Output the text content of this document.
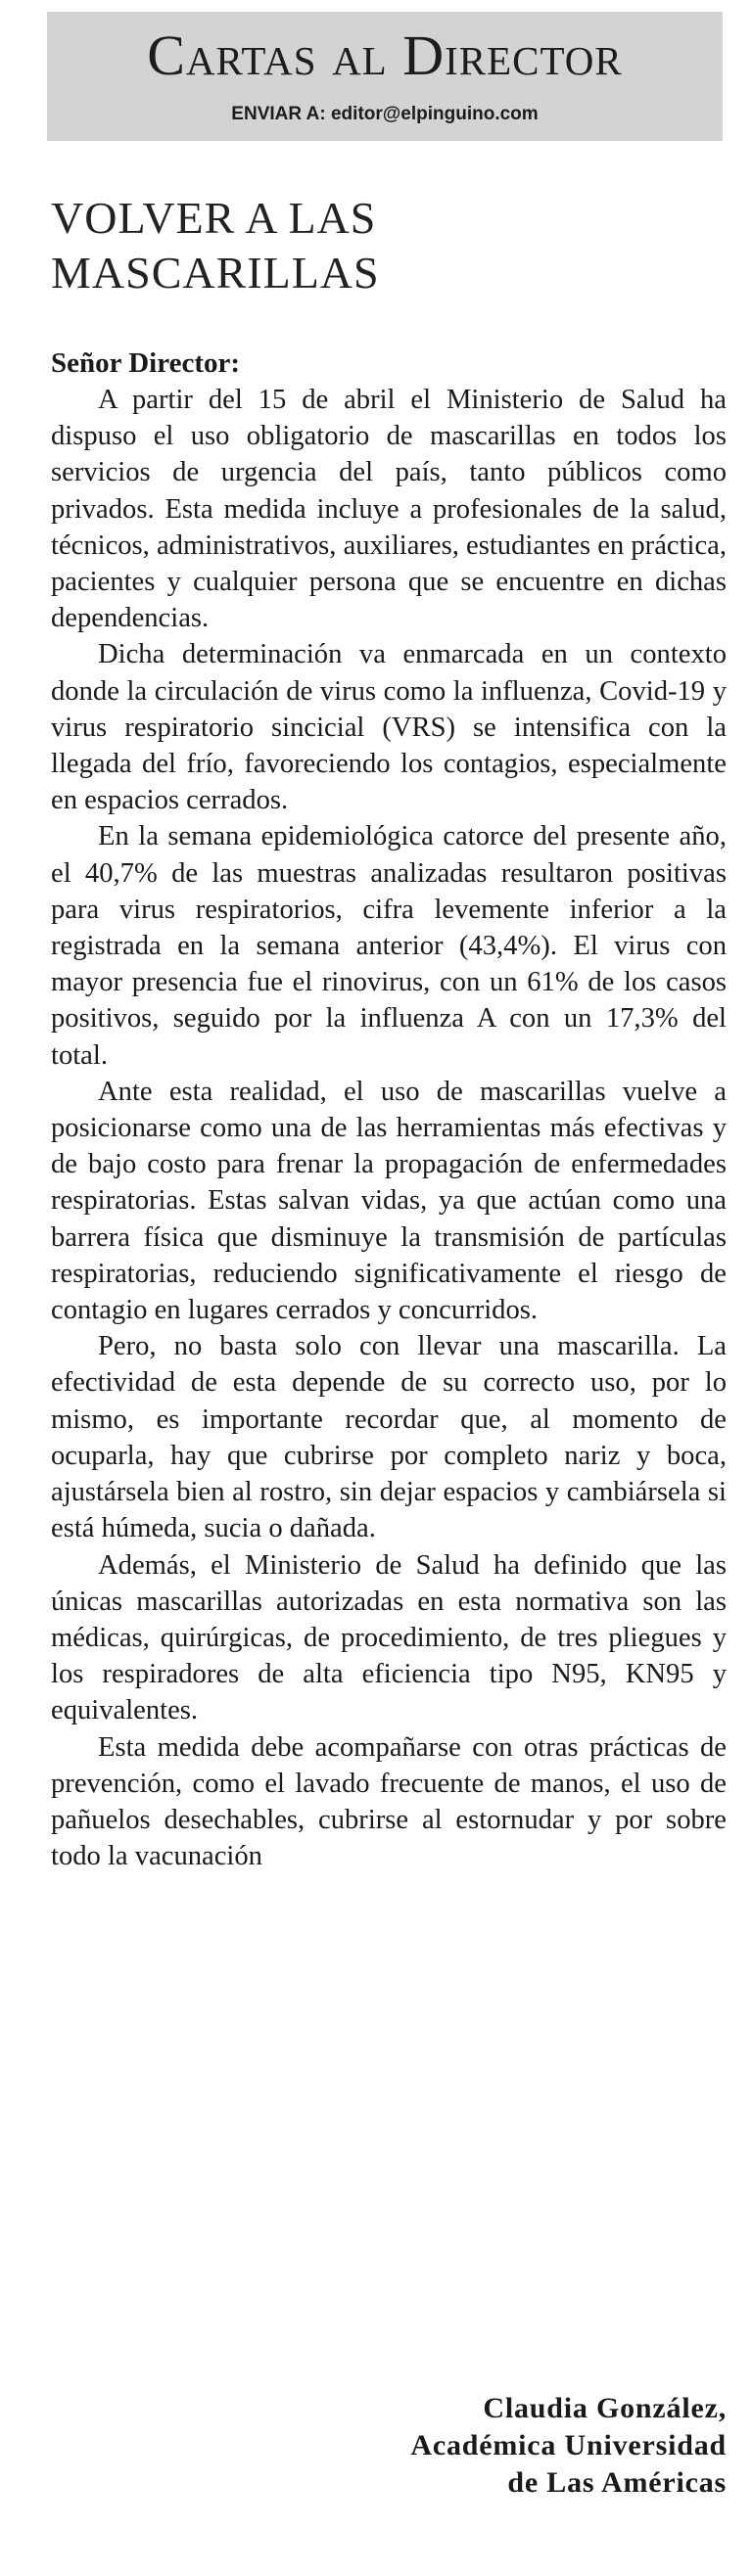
Cartas al Director
ENVIAR A: editor@elpinguino.com
VOLVER A LAS MASCARILLAS
Señor Director:

A partir del 15 de abril el Ministerio de Salud ha dispuso el uso obligatorio de mascarillas en todos los servicios de urgencia del país, tanto públicos como privados. Esta medida incluye a profesionales de la salud, técnicos, administrativos, auxiliares, estudiantes en práctica, pacientes y cualquier persona que se encuentre en dichas dependencias.

Dicha determinación va enmarcada en un contexto donde la circulación de virus como la influenza, Covid-19 y virus respiratorio sincicial (VRS) se intensifica con la llegada del frío, favoreciendo los contagios, especialmente en espacios cerrados.

En la semana epidemiológica catorce del presente año, el 40,7% de las muestras analizadas resultaron positivas para virus respiratorios, cifra levemente inferior a la registrada en la semana anterior (43,4%). El virus con mayor presencia fue el rinovirus, con un 61% de los casos positivos, seguido por la influenza A con un 17,3% del total.

Ante esta realidad, el uso de mascarillas vuelve a posicionarse como una de las herramientas más efectivas y de bajo costo para frenar la propagación de enfermedades respiratorias. Estas salvan vidas, ya que actúan como una barrera física que disminuye la transmisión de partículas respiratorias, reduciendo significativamente el riesgo de contagio en lugares cerrados y concurridos.

Pero, no basta solo con llevar una mascarilla. La efectividad de esta depende de su correcto uso, por lo mismo, es importante recordar que, al momento de ocuparla, hay que cubrirse por completo nariz y boca, ajustársela bien al rostro, sin dejar espacios y cambiársela si está húmeda, sucia o dañada.

Además, el Ministerio de Salud ha definido que las únicas mascarillas autorizadas en esta normativa son las médicas, quirúrgicas, de procedimiento, de tres pliegues y los respiradores de alta eficiencia tipo N95, KN95 y equivalentes.

Esta medida debe acompañarse con otras prácticas de prevención, como el lavado frecuente de manos, el uso de pañuelos desechables, cubrirse al estornudar y por sobre todo la vacunación

Claudia González,
Académica Universidad
de Las Américas
